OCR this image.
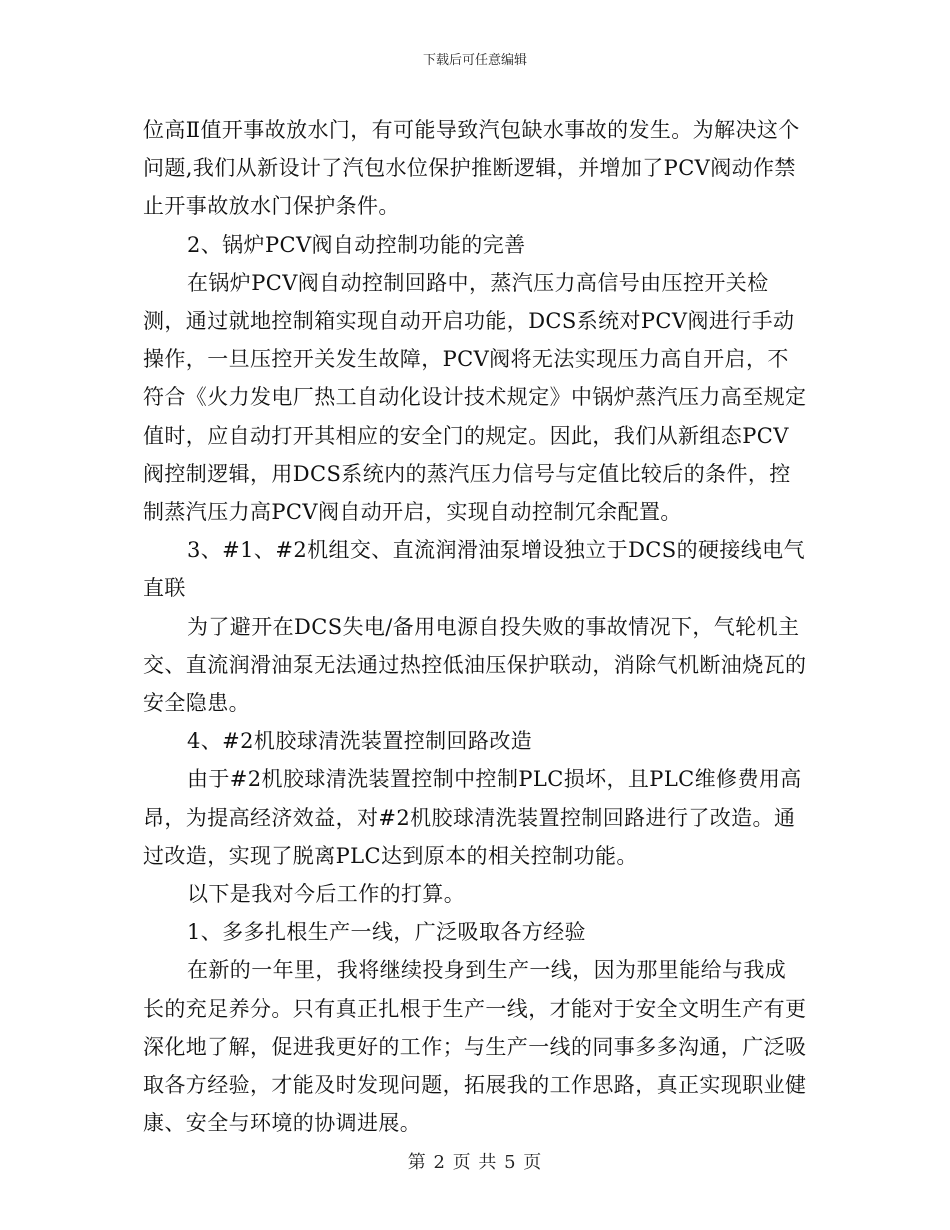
下载后可任意编辑

位高Ⅱ值开事故放水门，有可能导致汽包缺水事故的发生。为解决这个问题,我们从新设计了汽包水位保护推断逻辑，并增加了PCV阀动作禁止开事故放水门保护条件。

2、锅炉PCV阀自动控制功能的完善

在锅炉PCV阀自动控制回路中，蒸汽压力高信号由压控开关检测，通过就地控制箱实现自动开启功能，DCS系统对PCV阀进行手动操作，一旦压控开关发生故障，PCV阀将无法实现压力高自开启，不符合《火力发电厂热工自动化设计技术规定》中锅炉蒸汽压力高至规定值时，应自动打开其相应的安全门的规定。因此，我们从新组态PCV阀控制逻辑，用DCS系统内的蒸汽压力信号与定值比较后的条件，控制蒸汽压力高PCV阀自动开启，实现自动控制冗余配置。

3、#1、#2机组交、直流润滑油泵增设独立于DCS的硬接线电气直联

为了避开在DCS失电/备用电源自投失败的事故情况下，气轮机主交、直流润滑油泵无法通过热控低油压保护联动，消除气机断油烧瓦的安全隐患。

4、#2机胶球清洗装置控制回路改造

由于#2机胶球清洗装置控制中控制PLC损坏，且PLC维修费用高昂，为提高经济效益，对#2机胶球清洗装置控制回路进行了改造。通过改造，实现了脱离PLC达到原本的相关控制功能。

以下是我对今后工作的打算。

1、多多扎根生产一线，广泛吸取各方经验

在新的一年里，我将继续投身到生产一线，因为那里能给与我成长的充足养分。只有真正扎根于生产一线，才能对于安全文明生产有更深化地了解，促进我更好的工作；与生产一线的同事多多沟通，广泛吸取各方经验，才能及时发现问题，拓展我的工作思路，真正实现职业健康、安全与环境的协调进展。

第 2 页 共 5 页
